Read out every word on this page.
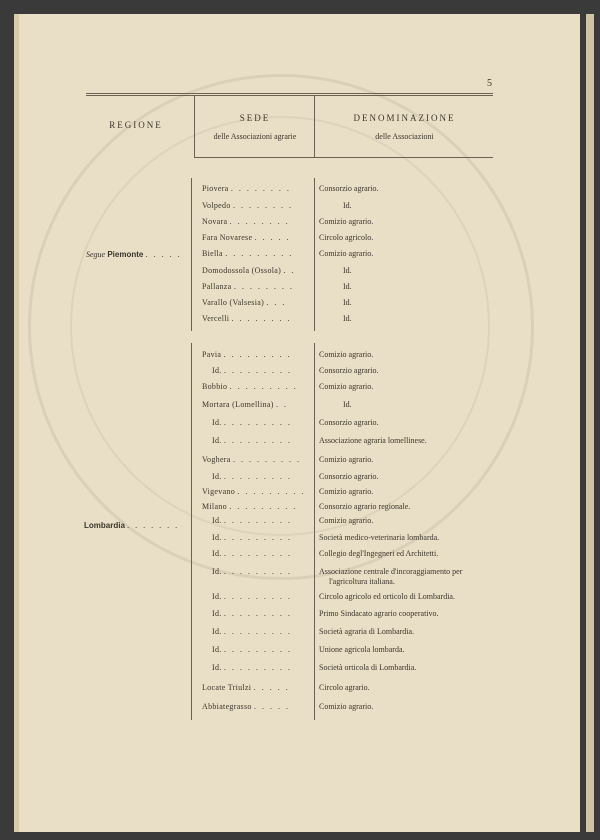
5
REGIONE
SEDE
delle Associazioni agrarie
DENOMINAZIONE
delle Associazioni
Segue Piemonte . . . . .
Lombardia . . . . . . .
Piovera . . . . . . . .	Consorzio agrario.
Volpedo . . . . . . . .	Id.
Novara . . . . . . . .	Comizio agrario.
Fara Novarese . . . . .	Circolo agricolo.
Biella . . . . . . . . .	Comizio agrario.
Domodossola (Ossola) . .	Id.
Pallanza . . . . . . . .	Id.
Varallo (Valsesia) . . .	Id.
Vercelli . . . . . . . .	Id.
Pavia . . . . . . . . .	Comizio agrario.
Id. . . . . . . . . .	Consorzio agrario.
Bobbio . . . . . . . . .	Comizio agrario.
Mortara (Lomellina) . .	Id.
Id. . . . . . . . . .	Consorzio agrario.
Id. . . . . . . . . .	Associazione agraria lomellinese.
Voghera . . . . . . . . . Comizio agrario.
Id. . . . . . . . . .	Consorzio agrario.
Vigevano . . . . . . . . . Comizio agrario.
Milano . . . . . . . . .	Consorzio agrario regionale.
Id. . . . . . . . . .	Comizio agrario.
Id. . . . . . . . . .	Società medico-veterinaria lombarda.
Id. . . . . . . . . .	Collegio degl'Ingegneri ed Architetti.
Id. . . . . . . . . .	Associazione centrale d'incoraggiamento per
l'agricoltura italiana.
Id. . . . . . . . . .	Circolo agricolo ed orticolo di Lombardia.
Id. . . . . . . . . .	Primo Sindacato agrario cooperativo.
Id. . . . . . . . . .	Società agraria di Lombardia.
Id. . . . . . . . . .	Unione agricola lombarda.
Id. . . . . . . . . .	Società orticola di Lombardia.
Locate Triulzi . . . . .	Circolo agrario.
Abbiategrasso . . . . .	Comizio agrario.
